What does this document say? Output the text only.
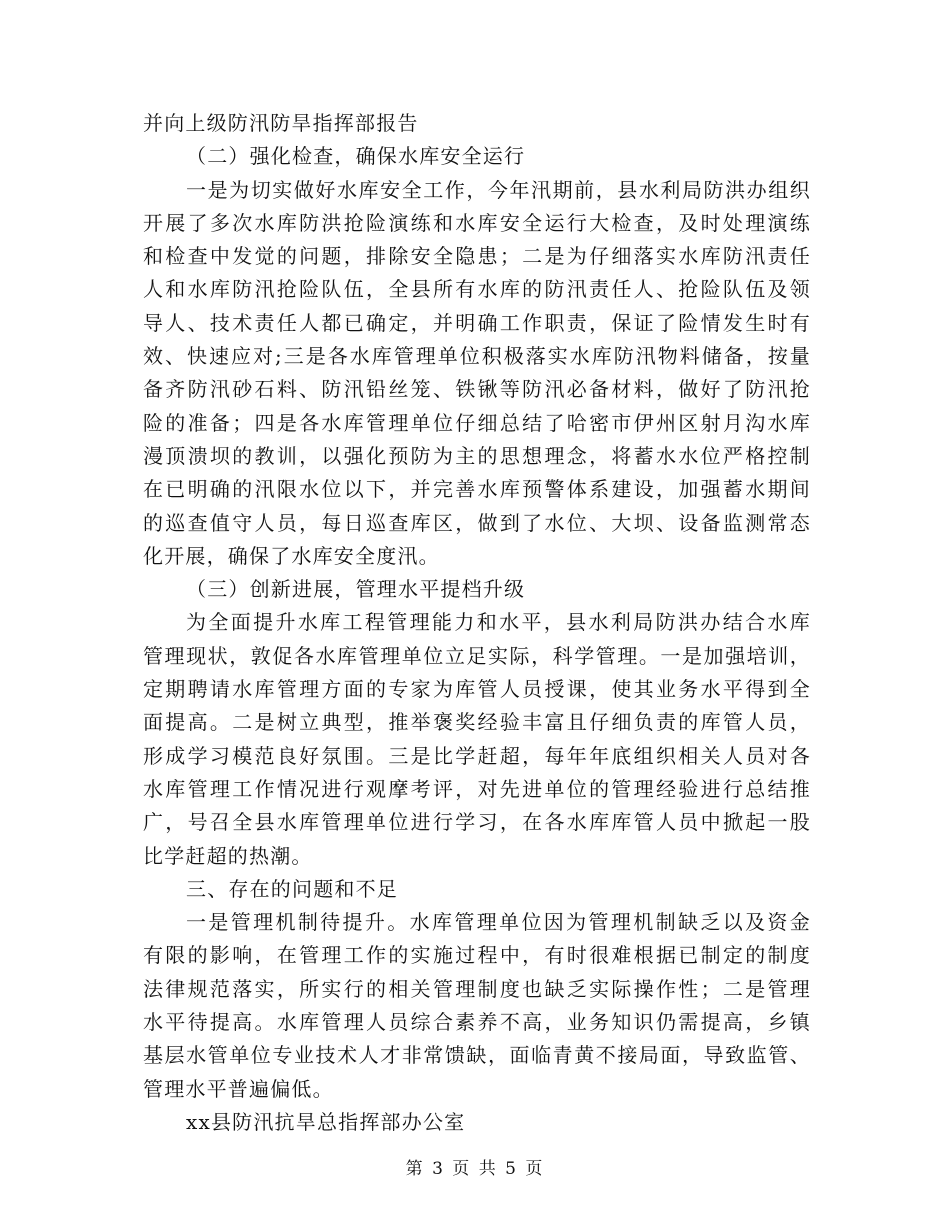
并向上级防汛防旱指挥部报告
（二）强化检查，确保水库安全运行
一是为切实做好水库安全工作，今年汛期前，县水利局防洪办组织
开展了多次水库防洪抢险演练和水库安全运行大检查，及时处理演练
和检查中发觉的问题，排除安全隐患；二是为仔细落实水库防汛责任
人和水库防汛抢险队伍，全县所有水库的防汛责任人、抢险队伍及领
导人、技术责任人都已确定，并明确工作职责，保证了险情发生时有
效、快速应对;三是各水库管理单位积极落实水库防汛物料储备，按量
备齐防汛砂石料、防汛铅丝笼、铁锹等防汛必备材料，做好了防汛抢
险的准备；四是各水库管理单位仔细总结了哈密市伊州区射月沟水库
漫顶溃坝的教训，以强化预防为主的思想理念，将蓄水水位严格控制
在已明确的汛限水位以下，并完善水库预警体系建设，加强蓄水期间
的巡查值守人员，每日巡查库区，做到了水位、大坝、设备监测常态
化开展，确保了水库安全度汛。
（三）创新进展，管理水平提档升级
为全面提升水库工程管理能力和水平，县水利局防洪办结合水库
管理现状，敦促各水库管理单位立足实际，科学管理。一是加强培训，
定期聘请水库管理方面的专家为库管人员授课，使其业务水平得到全
面提高。二是树立典型，推举褒奖经验丰富且仔细负责的库管人员，
形成学习模范良好氛围。三是比学赶超，每年年底组织相关人员对各
水库管理工作情况进行观摩考评，对先进单位的管理经验进行总结推
广，号召全县水库管理单位进行学习，在各水库库管人员中掀起一股
比学赶超的热潮。
三、存在的问题和不足
一是管理机制待提升。水库管理单位因为管理机制缺乏以及资金
有限的影响，在管理工作的实施过程中，有时很难根据已制定的制度
法律规范落实，所实行的相关管理制度也缺乏实际操作性；二是管理
水平待提高。水库管理人员综合素养不高，业务知识仍需提高，乡镇
基层水管单位专业技术人才非常馈缺，面临青黄不接局面，导致监管、
管理水平普遍偏低。
xx县防汛抗旱总指挥部办公室
第 3 页 共 5 页
